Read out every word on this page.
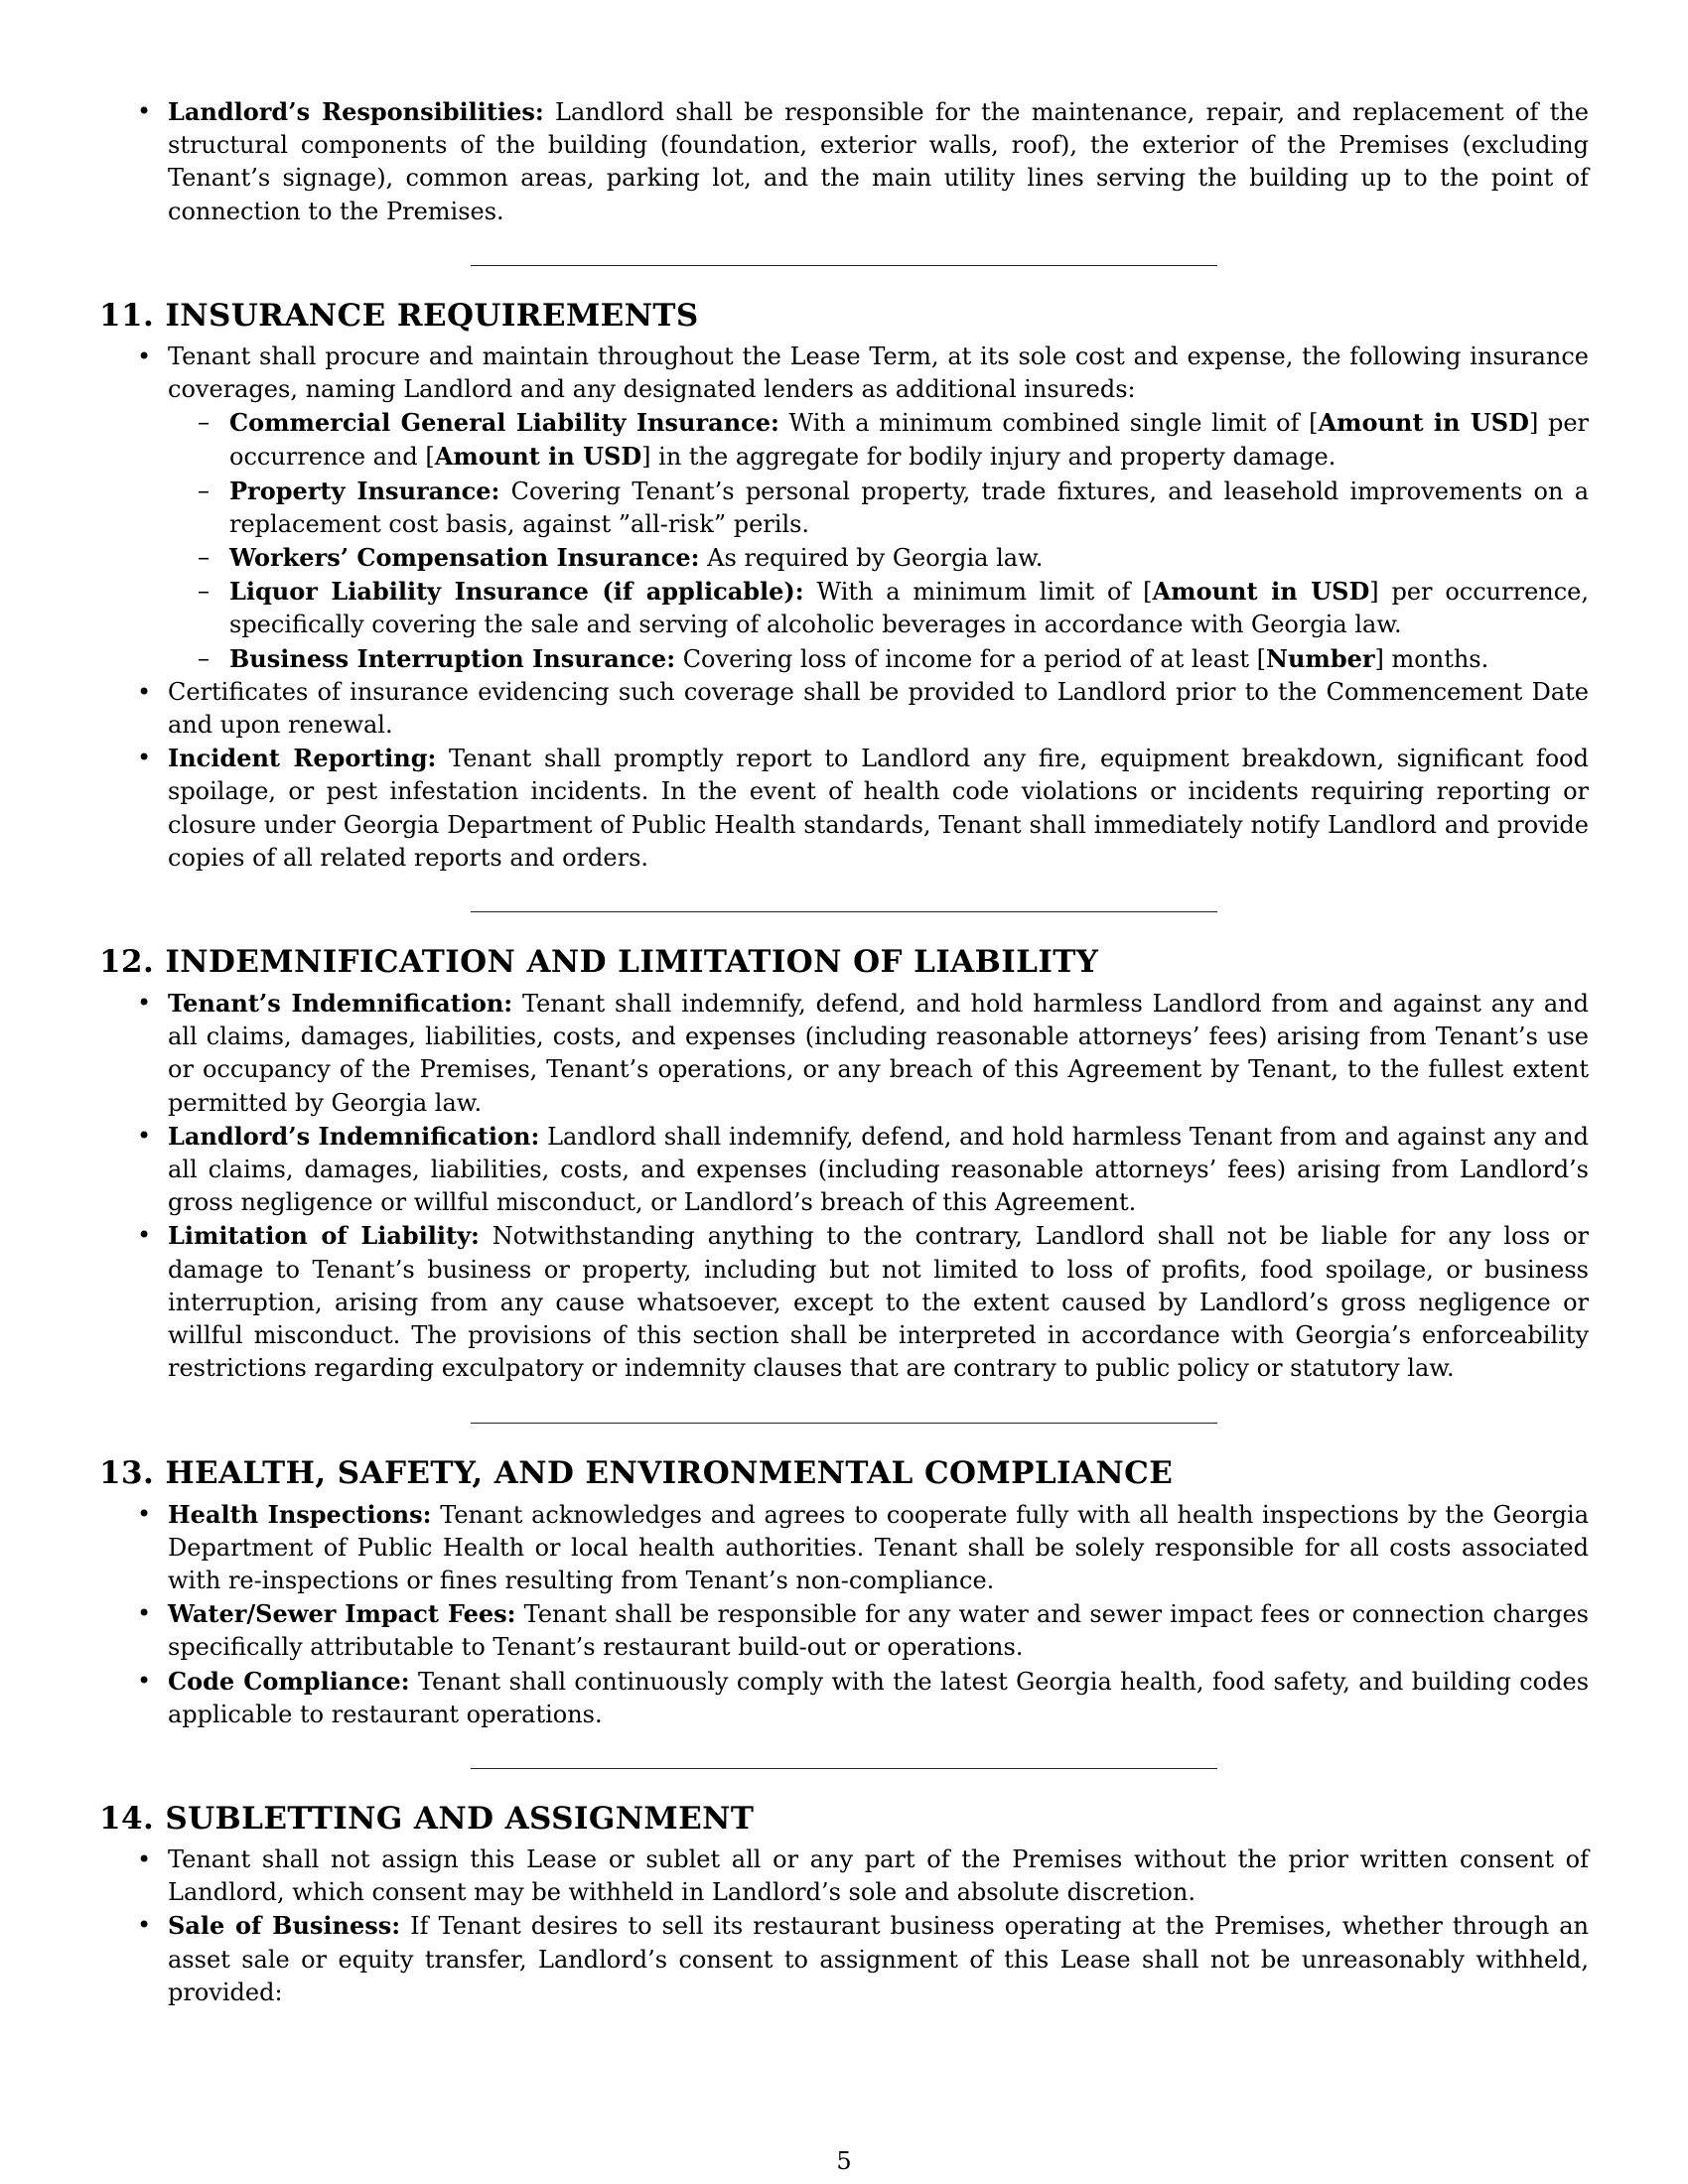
• Landlord’s Responsibilities: Landlord shall be responsible for the maintenance, repair, and replacement of the structural components of the building (foundation, exterior walls, roof), the exterior of the Premises (excluding Tenant’s signage), common areas, parking lot, and the main utility lines serving the building up to the point of connection to the Premises.
11. INSURANCE REQUIREMENTS
• Tenant shall procure and maintain throughout the Lease Term, at its sole cost and expense, the following insurance coverages, naming Landlord and any designated lenders as additional insureds:
– Commercial General Liability Insurance: With a minimum combined single limit of [Amount in USD] per occurrence and [Amount in USD] in the aggregate for bodily injury and property damage.
– Property Insurance: Covering Tenant’s personal property, trade fixtures, and leasehold improvements on a replacement cost basis, against ”all-risk” perils.
– Workers’ Compensation Insurance: As required by Georgia law.
– Liquor Liability Insurance (if applicable): With a minimum limit of [Amount in USD] per occurrence, specifically covering the sale and serving of alcoholic beverages in accordance with Georgia law.
– Business Interruption Insurance: Covering loss of income for a period of at least [Number] months.
• Certificates of insurance evidencing such coverage shall be provided to Landlord prior to the Commencement Date and upon renewal.
• Incident Reporting: Tenant shall promptly report to Landlord any fire, equipment breakdown, significant food spoilage, or pest infestation incidents. In the event of health code violations or incidents requiring reporting or closure under Georgia Department of Public Health standards, Tenant shall immediately notify Landlord and provide copies of all related reports and orders.
12. INDEMNIFICATION AND LIMITATION OF LIABILITY
• Tenant’s Indemnification: Tenant shall indemnify, defend, and hold harmless Landlord from and against any and all claims, damages, liabilities, costs, and expenses (including reasonable attorneys’ fees) arising from Tenant’s use or occupancy of the Premises, Tenant’s operations, or any breach of this Agreement by Tenant, to the fullest extent permitted by Georgia law.
• Landlord’s Indemnification: Landlord shall indemnify, defend, and hold harmless Tenant from and against any and all claims, damages, liabilities, costs, and expenses (including reasonable attorneys’ fees) arising from Landlord’s gross negligence or willful misconduct, or Landlord’s breach of this Agreement.
• Limitation of Liability: Notwithstanding anything to the contrary, Landlord shall not be liable for any loss or damage to Tenant’s business or property, including but not limited to loss of profits, food spoilage, or business interruption, arising from any cause whatsoever, except to the extent caused by Landlord’s gross negligence or willful misconduct. The provisions of this section shall be interpreted in accordance with Georgia’s enforceability restrictions regarding exculpatory or indemnity clauses that are contrary to public policy or statutory law.
13. HEALTH, SAFETY, AND ENVIRONMENTAL COMPLIANCE
• Health Inspections: Tenant acknowledges and agrees to cooperate fully with all health inspections by the Georgia Department of Public Health or local health authorities. Tenant shall be solely responsible for all costs associated with re-inspections or fines resulting from Tenant’s non-compliance.
• Water/Sewer Impact Fees: Tenant shall be responsible for any water and sewer impact fees or connection charges specifically attributable to Tenant’s restaurant build-out or operations.
• Code Compliance: Tenant shall continuously comply with the latest Georgia health, food safety, and building codes applicable to restaurant operations.
14. SUBLETTING AND ASSIGNMENT
• Tenant shall not assign this Lease or sublet all or any part of the Premises without the prior written consent of Landlord, which consent may be withheld in Landlord’s sole and absolute discretion.
• Sale of Business: If Tenant desires to sell its restaurant business operating at the Premises, whether through an asset sale or equity transfer, Landlord’s consent to assignment of this Lease shall not be unreasonably withheld, provided:
5
